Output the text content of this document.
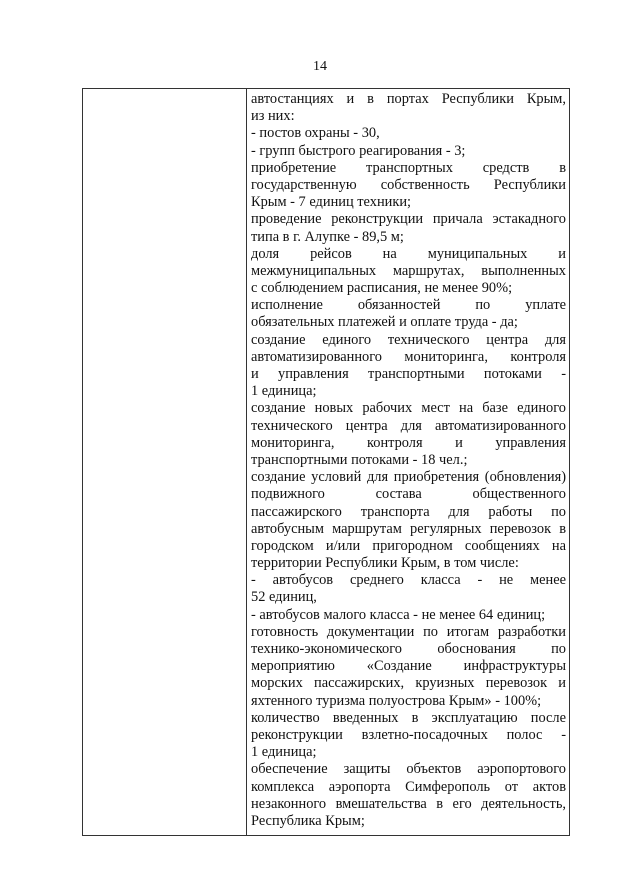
14
автостанциях и в портах Республики Крым,
из них:
- постов охраны - 30,
- групп быстрого реагирования - 3;
приобретение транспортных средств в
государственную собственность Республики
Крым - 7 единиц техники;
проведение реконструкции причала эстакадного
типа в г. Алупке - 89,5 м;
доля рейсов на муниципальных и
межмуниципальных маршрутах, выполненных
с соблюдением расписания, не менее 90%;
исполнение обязанностей по уплате
обязательных платежей и оплате труда - да;
создание единого технического центра для
автоматизированного мониторинга, контроля
и управления транспортными потоками -
1 единица;
создание новых рабочих мест на базе единого
технического центра для автоматизированного
мониторинга, контроля и управления
транспортными потоками - 18 чел.;
создание условий для приобретения (обновления)
подвижного состава общественного
пассажирского транспорта для работы по
автобусным маршрутам регулярных перевозок в
городском и/или пригородном сообщениях на
территории Республики Крым, в том числе:
- автобусов среднего класса - не менее
52 единиц,
- автобусов малого класса - не менее 64 единиц;
готовность документации по итогам разработки
технико-экономического обоснования по
мероприятию «Создание инфраструктуры
морских пассажирских, круизных перевозок и
яхтенного туризма полуострова Крым» - 100%;
количество введенных в эксплуатацию после
реконструкции взлетно-посадочных полос -
1 единица;
обеспечение защиты объектов аэропортового
комплекса аэропорта Симферополь от актов
незаконного вмешательства в его деятельность,
Республика Крым;
